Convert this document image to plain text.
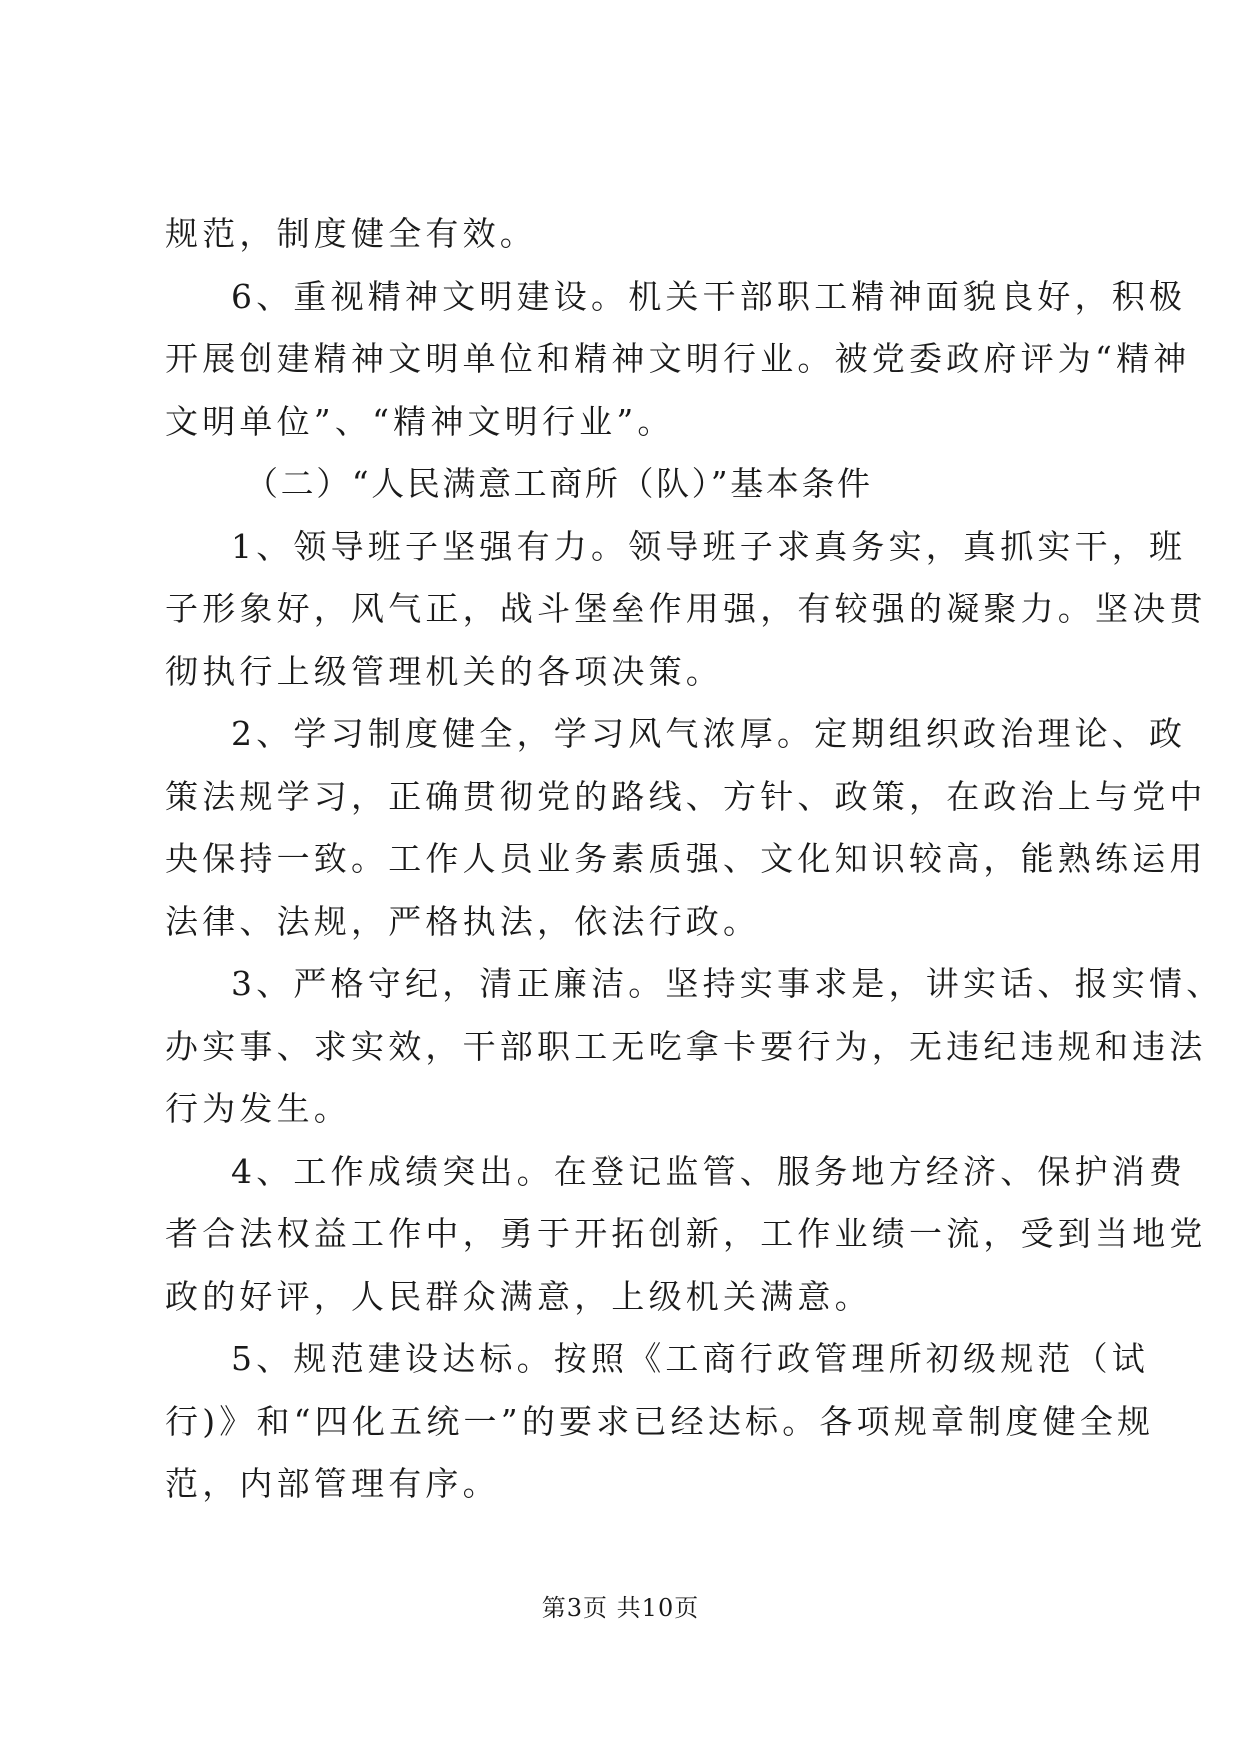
规范，制度健全有效。
6、重视精神文明建设。机关干部职工精神面貌良好，积极
开展创建精神文明单位和精神文明行业。被党委政府评为“精神
文明单位”、“精神文明行业”。
（二）“人民满意工商所（队）”基本条件
1、领导班子坚强有力。领导班子求真务实，真抓实干，班
子形象好，风气正，战斗堡垒作用强，有较强的凝聚力。坚决贯
彻执行上级管理机关的各项决策。
2、学习制度健全，学习风气浓厚。定期组织政治理论、政
策法规学习，正确贯彻党的路线、方针、政策，在政治上与党中
央保持一致。工作人员业务素质强、文化知识较高，能熟练运用
法律、法规，严格执法，依法行政。
3、严格守纪，清正廉洁。坚持实事求是，讲实话、报实情、
办实事、求实效，干部职工无吃拿卡要行为，无违纪违规和违法
行为发生。
4、工作成绩突出。在登记监管、服务地方经济、保护消费
者合法权益工作中，勇于开拓创新，工作业绩一流，受到当地党
政的好评，人民群众满意，上级机关满意。
5、规范建设达标。按照《工商行政管理所初级规范（试
行)》和“四化五统一”的要求已经达标。各项规章制度健全规
范，内部管理有序。
第3页 共10页
